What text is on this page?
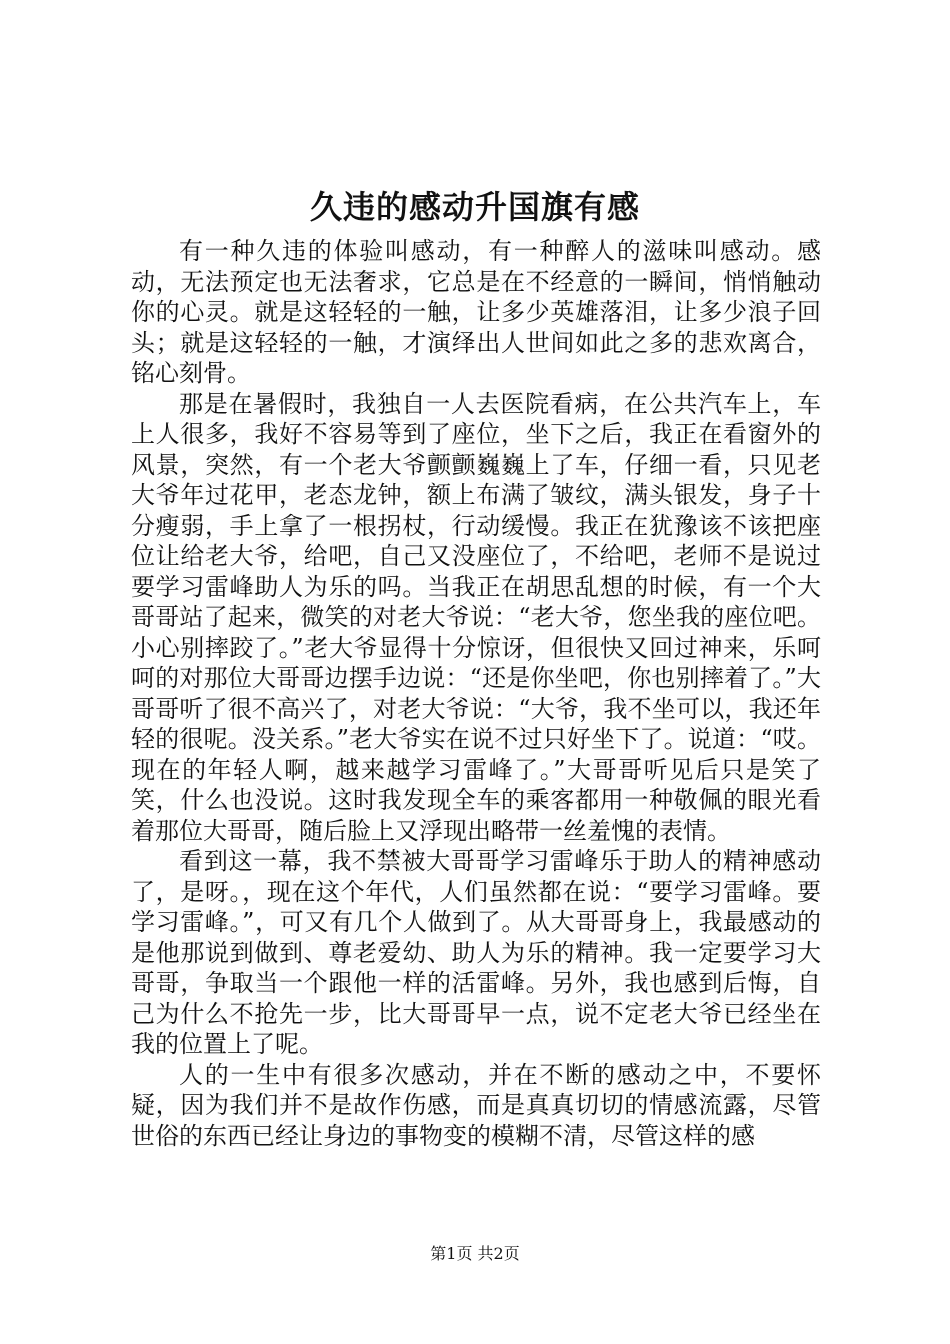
久违的感动升国旗有感

有一种久违的体验叫感动，有一种醉人的滋味叫感动。感动，无法预定也无法奢求，它总是在不经意的一瞬间，悄悄触动你的心灵。就是这轻轻的一触，让多少英雄落泪，让多少浪子回头；就是这轻轻的一触，才演绎出人世间如此之多的悲欢离合，铭心刻骨。

那是在暑假时，我独自一人去医院看病，在公共汽车上，车上人很多，我好不容易等到了座位，坐下之后，我正在看窗外的风景，突然，有一个老大爷颤颤巍巍上了车，仔细一看，只见老大爷年过花甲，老态龙钟，额上布满了皱纹，满头银发，身子十分瘦弱，手上拿了一根拐杖，行动缓慢。我正在犹豫该不该把座位让给老大爷，给吧，自己又没座位了，不给吧，老师不是说过要学习雷峰助人为乐的吗。当我正在胡思乱想的时候，有一个大哥哥站了起来，微笑的对老大爷说：“老大爷，您坐我的座位吧。小心别摔跤了。”老大爷显得十分惊讶，但很快又回过神来，乐呵呵的对那位大哥哥边摆手边说：“还是你坐吧，你也别摔着了。”大哥哥听了很不高兴了，对老大爷说：“大爷，我不坐可以，我还年轻的很呢。没关系。”老大爷实在说不过只好坐下了。说道：“哎。现在的年轻人啊，越来越学习雷峰了。”大哥哥听见后只是笑了笑，什么也没说。这时我发现全车的乘客都用一种敬佩的眼光看着那位大哥哥，随后脸上又浮现出略带一丝羞愧的表情。

看到这一幕，我不禁被大哥哥学习雷峰乐于助人的精神感动了，是呀。，现在这个年代，人们虽然都在说：“要学习雷峰。要学习雷峰。”，可又有几个人做到了。从大哥哥身上，我最感动的是他那说到做到、尊老爱幼、助人为乐的精神。我一定要学习大哥哥，争取当一个跟他一样的活雷峰。另外，我也感到后悔，自己为什么不抢先一步，比大哥哥早一点，说不定老大爷已经坐在我的位置上了呢。

人的一生中有很多次感动，并在不断的感动之中，不要怀疑，因为我们并不是故作伤感，而是真真切切的情感流露，尽管世俗的东西已经让身边的事物变的模糊不清，尽管这样的感

第1页 共2页
